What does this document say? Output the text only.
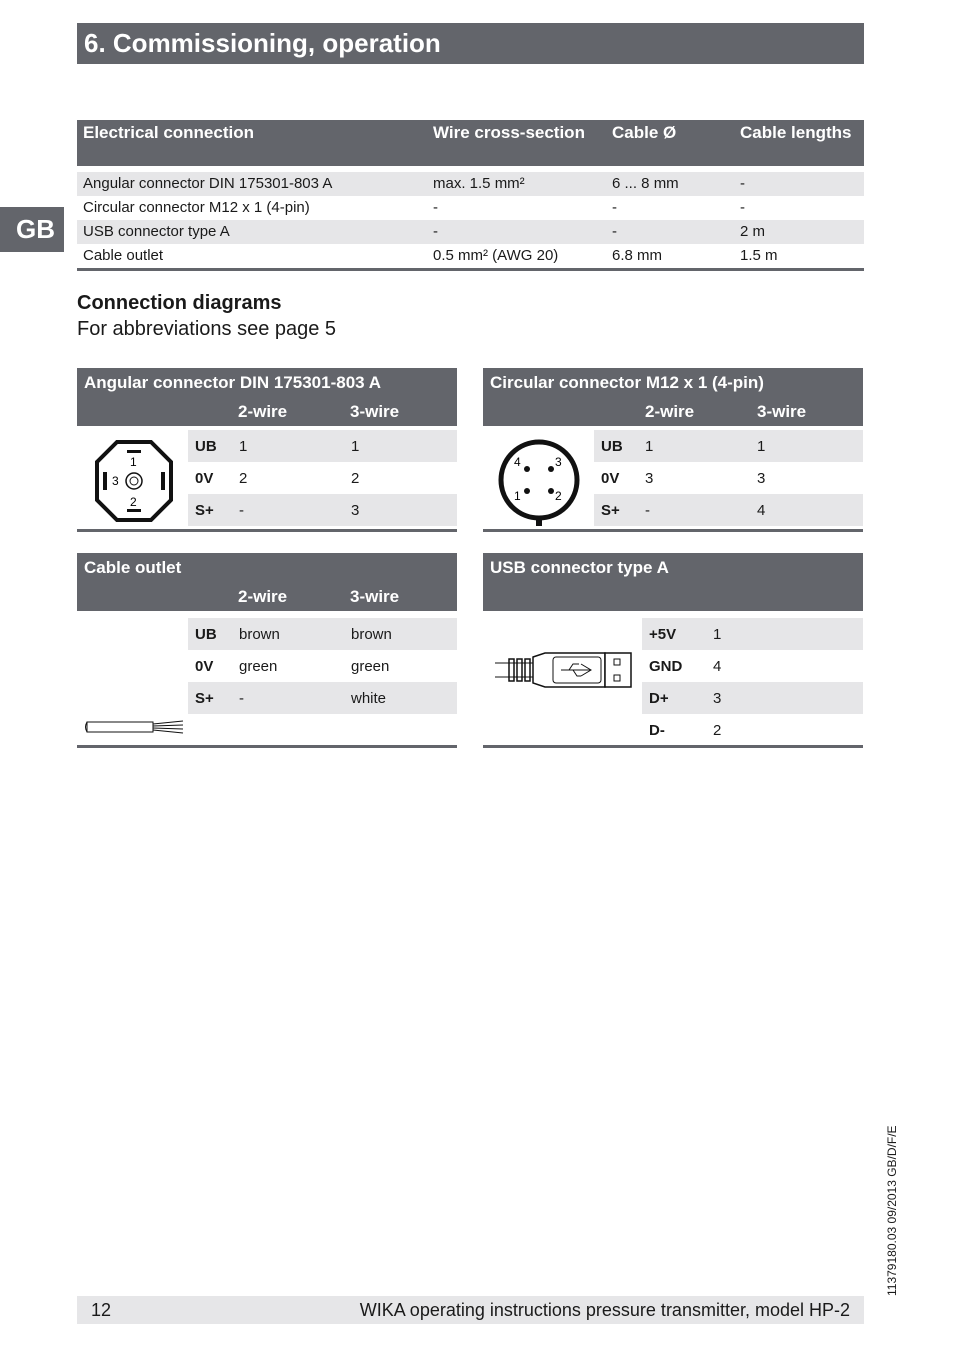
6. Commissioning, operation
GB
Electrical connection	Wire cross-section	Cable Ø	Cable lengths

Angular connector DIN 175301-803 A	max. 1.5 mm²	6 ... 8 mm	-
Circular connector M12 x 1 (4-pin)	-	-	-
USB connector type A	-	-	2 m
Cable outlet	0.5 mm² (AWG 20)	6.8 mm	1.5 m
Connection diagrams
For abbreviations see page 5
Angular connector DIN 175301-803 A
2-wire	3-wire
1
2
3
UB 1	1
0V 2	2
S+ -	3
Circular connector M12 x 1 (4-pin)
2-wire	3-wire
4	3
1	2
UB 1	1
0V 3	3
S+ -	4
Cable outlet
2-wire	3-wire
UB brown	brown
0V green	green
S+ -	white
USB connector type A
+5V 1
GND 4
D+	3
D-	2
11379180.03 09/2013 GB/D/F/E
12	WIKA operating instructions pressure transmitter, model HP-2
